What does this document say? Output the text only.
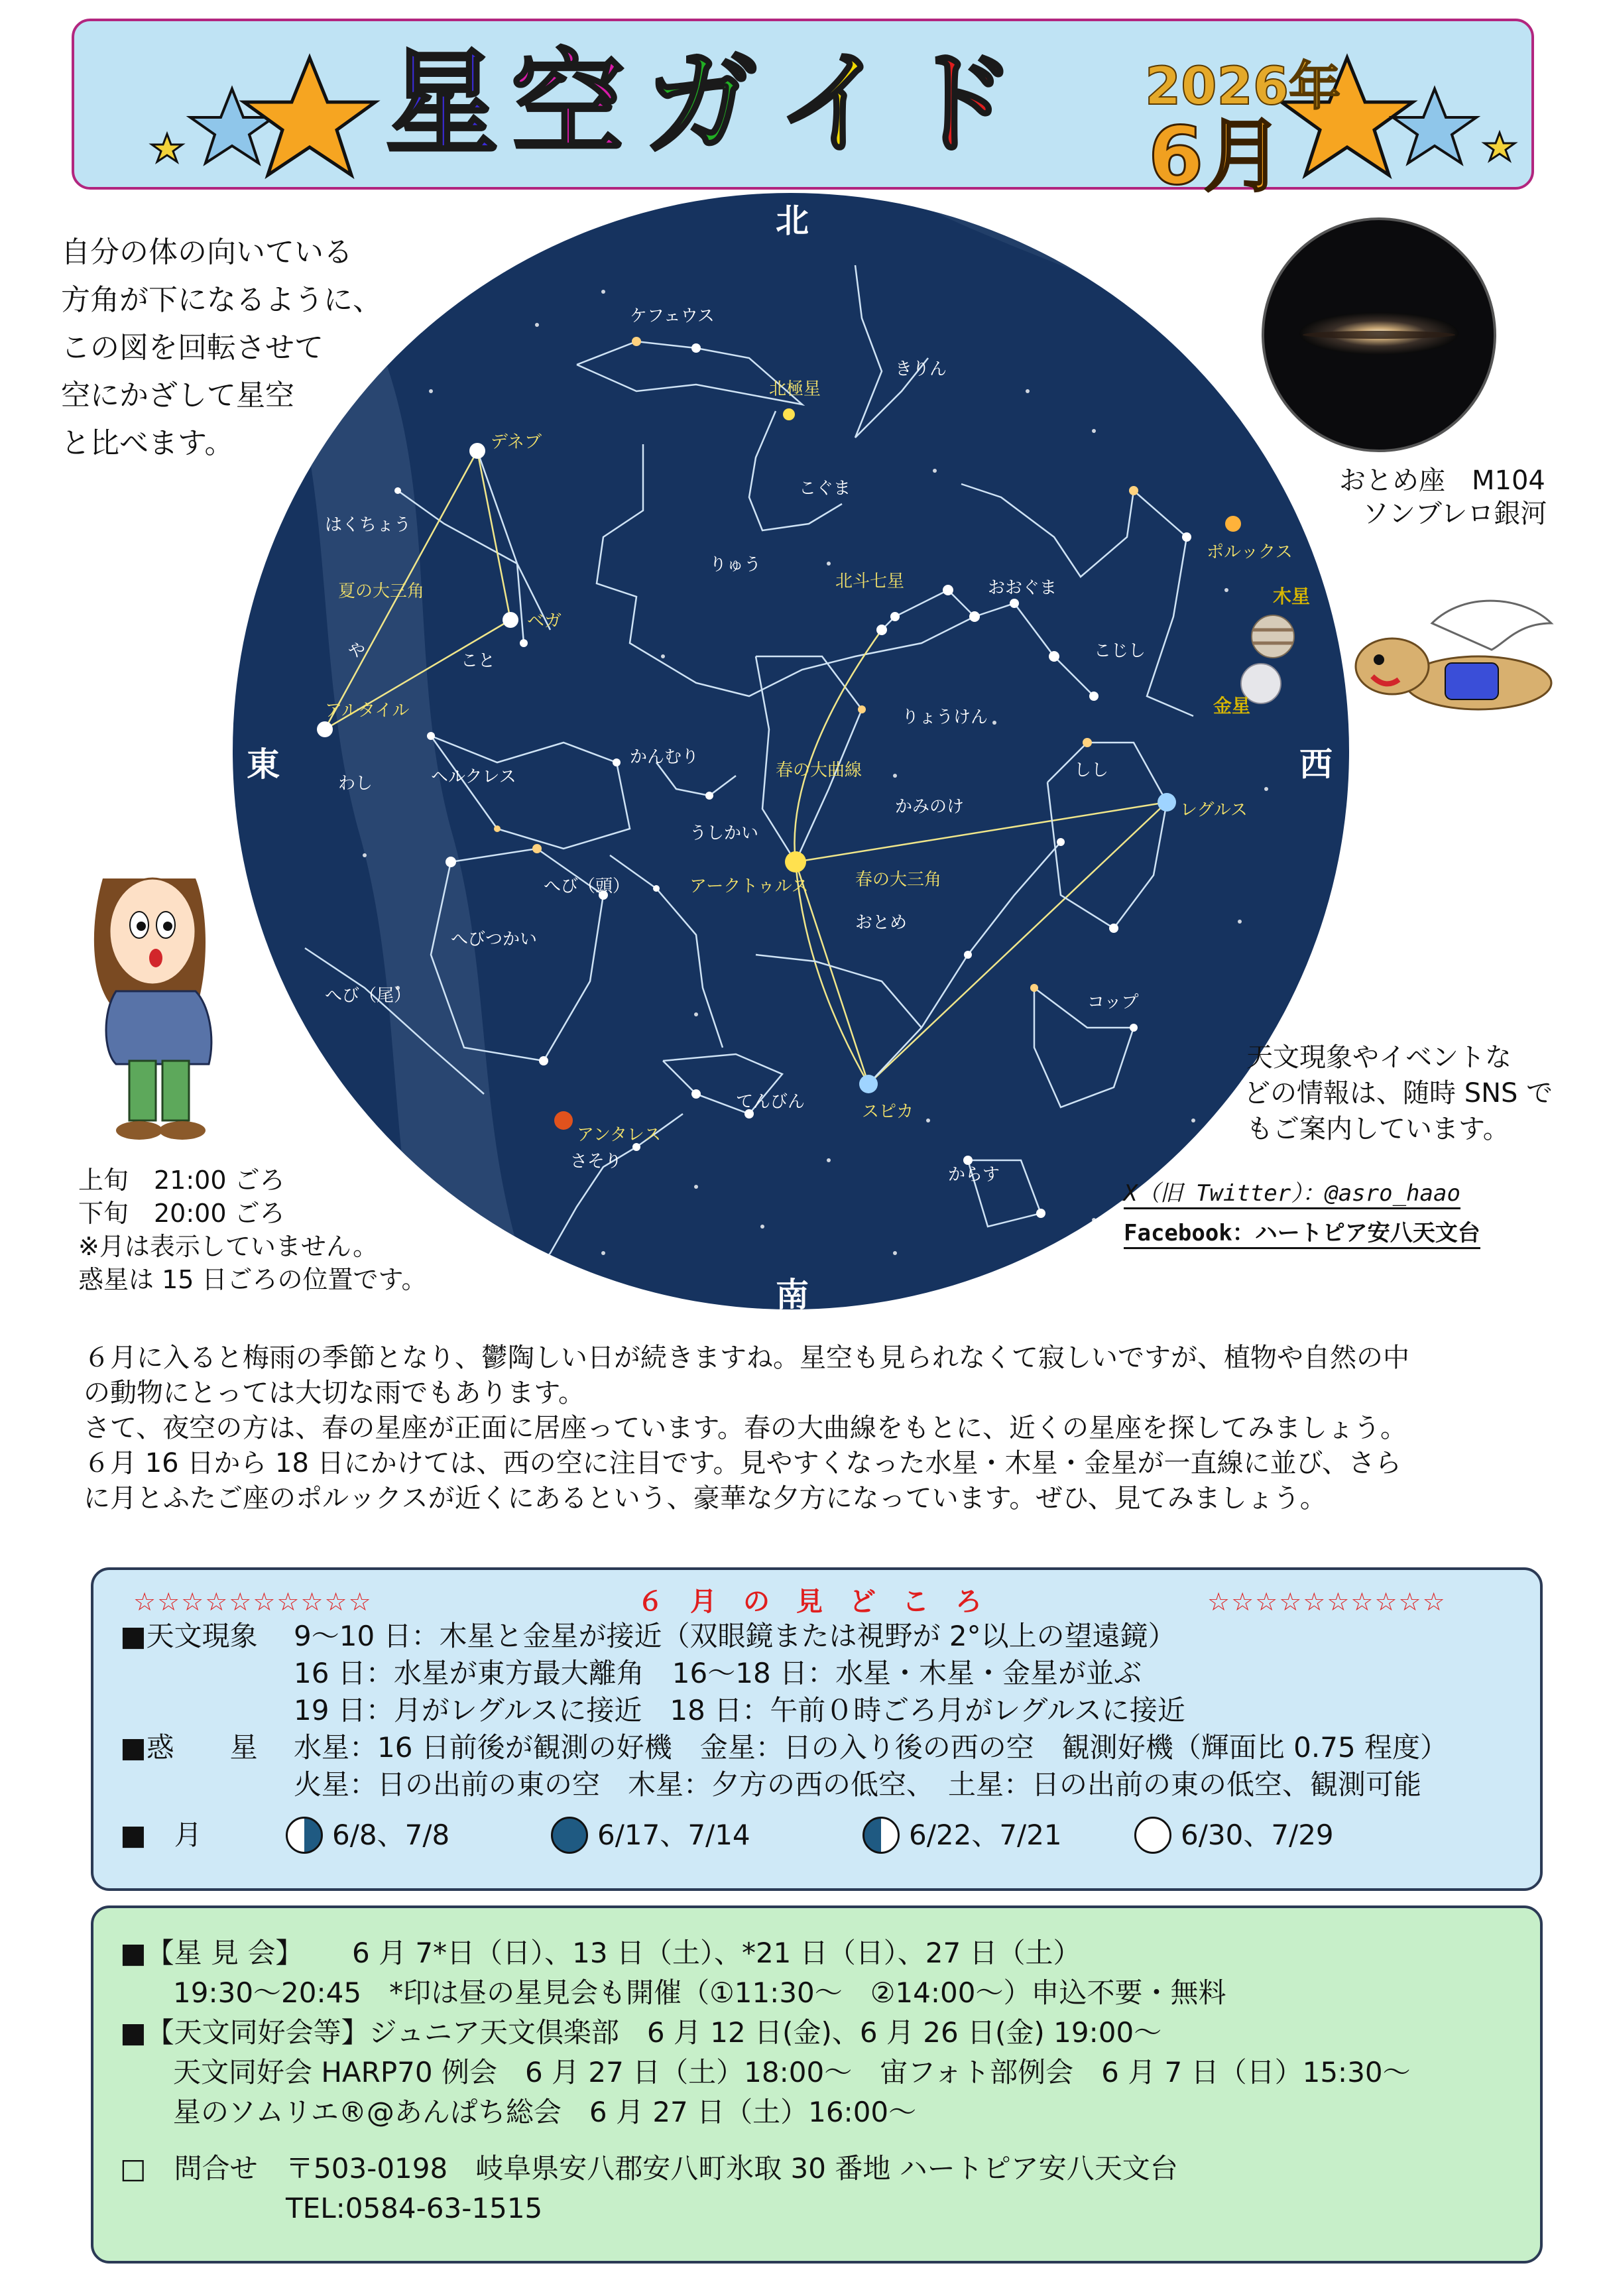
星 空 ガ イ ド 2026年
6月
自分の体の向いている
方角が下になるように、
この図を回転させて
空にかざして星空
と比べます。
ケフェウス
きりん
北極星
こぐま
デネブ
はくちょう
夏の大三角
りゅう
北斗七星	おおぐま
ベガ
こと
や	こじし
アルタイル
わし	ヘルクレス
かんむり
りょうけん
春の大曲線	しし
かみのけ	レグルス
うしかい
アークトゥルス	春の大三角
へび（頭）
へびつかい
おとめ
へび（尾）	コップ
スピカ
てんびん
アンタレス
さそり
からす
北
南
東	西
おとめ座　M104
ソンブレロ銀河
ポルックス
木星
金星
天文現象やイベントな
どの情報は、随時 SNS で
もご案内しています。
X（旧 Twitter）：@asro_haao
Facebook：ハートピア安八天文台
上旬　21:00 ごろ
下旬　20:00 ごろ
※月は表示していません。
惑星は 15 日ごろの位置です。
６月に入ると梅雨の季節となり、鬱陶しい日が続きますね。星空も見られなくて寂しいですが、植物や自然の中
の動物にとっては大切な雨でもあります。
さて、夜空の方は、春の星座が正面に居座っています。春の大曲線をもとに、近くの星座を探してみましょう。
６月 16 日から 18 日にかけては、西の空に注目です。見やすくなった水星・木星・金星が一直線に並び、さら
に月とふたご座のポルックスが近くにあるという、豪華な夕方になっています。ぜひ、見てみましょう。
☆☆☆☆☆☆☆☆☆☆	６　月　の　見　ど　こ　ろ	☆☆☆☆☆☆☆☆☆☆
■天文現象 9～10 日：木星と金星が接近（双眼鏡または視野が 2°以上の望遠鏡）
16 日：水星が東方最大離角　16～18 日：水星・木星・金星が並ぶ
19 日：月がレグルスに接近　18 日：午前０時ごろ月がレグルスに接近
■惑　　星 水星：16 日前後が観測の好機　金星：日の入り後の西の空　観測好機（輝面比 0.75 程度）
火星：日の出前の東の空　木星：夕方の西の低空、　土星：日の出前の東の低空、観測可能
■　月	6/8、7/8	6/17、7/14	6/22、7/21	6/30、7/29
■【星 見 会】 6 月 7*日（日）、13 日（土）、*21 日（日）、27 日（土）
19:30～20:45　*印は昼の星見会も開催（①11:30～　②14:00～）申込不要・無料
■【天文同好会等】ジュニア天文倶楽部　6 月 12 日(金)、6 月 26 日(金) 19:00～
天文同好会 HARP70 例会　6 月 27 日（土）18:00～　宙フォト部例会　6 月 7 日（日）15:30～
星のソムリエ®@あんぱち総会　6 月 27 日（土）16:00～
□　問合せ 〒503-0198　岐阜県安八郡安八町氷取 30 番地 ハートピア安八天文台
TEL:0584-63-1515
